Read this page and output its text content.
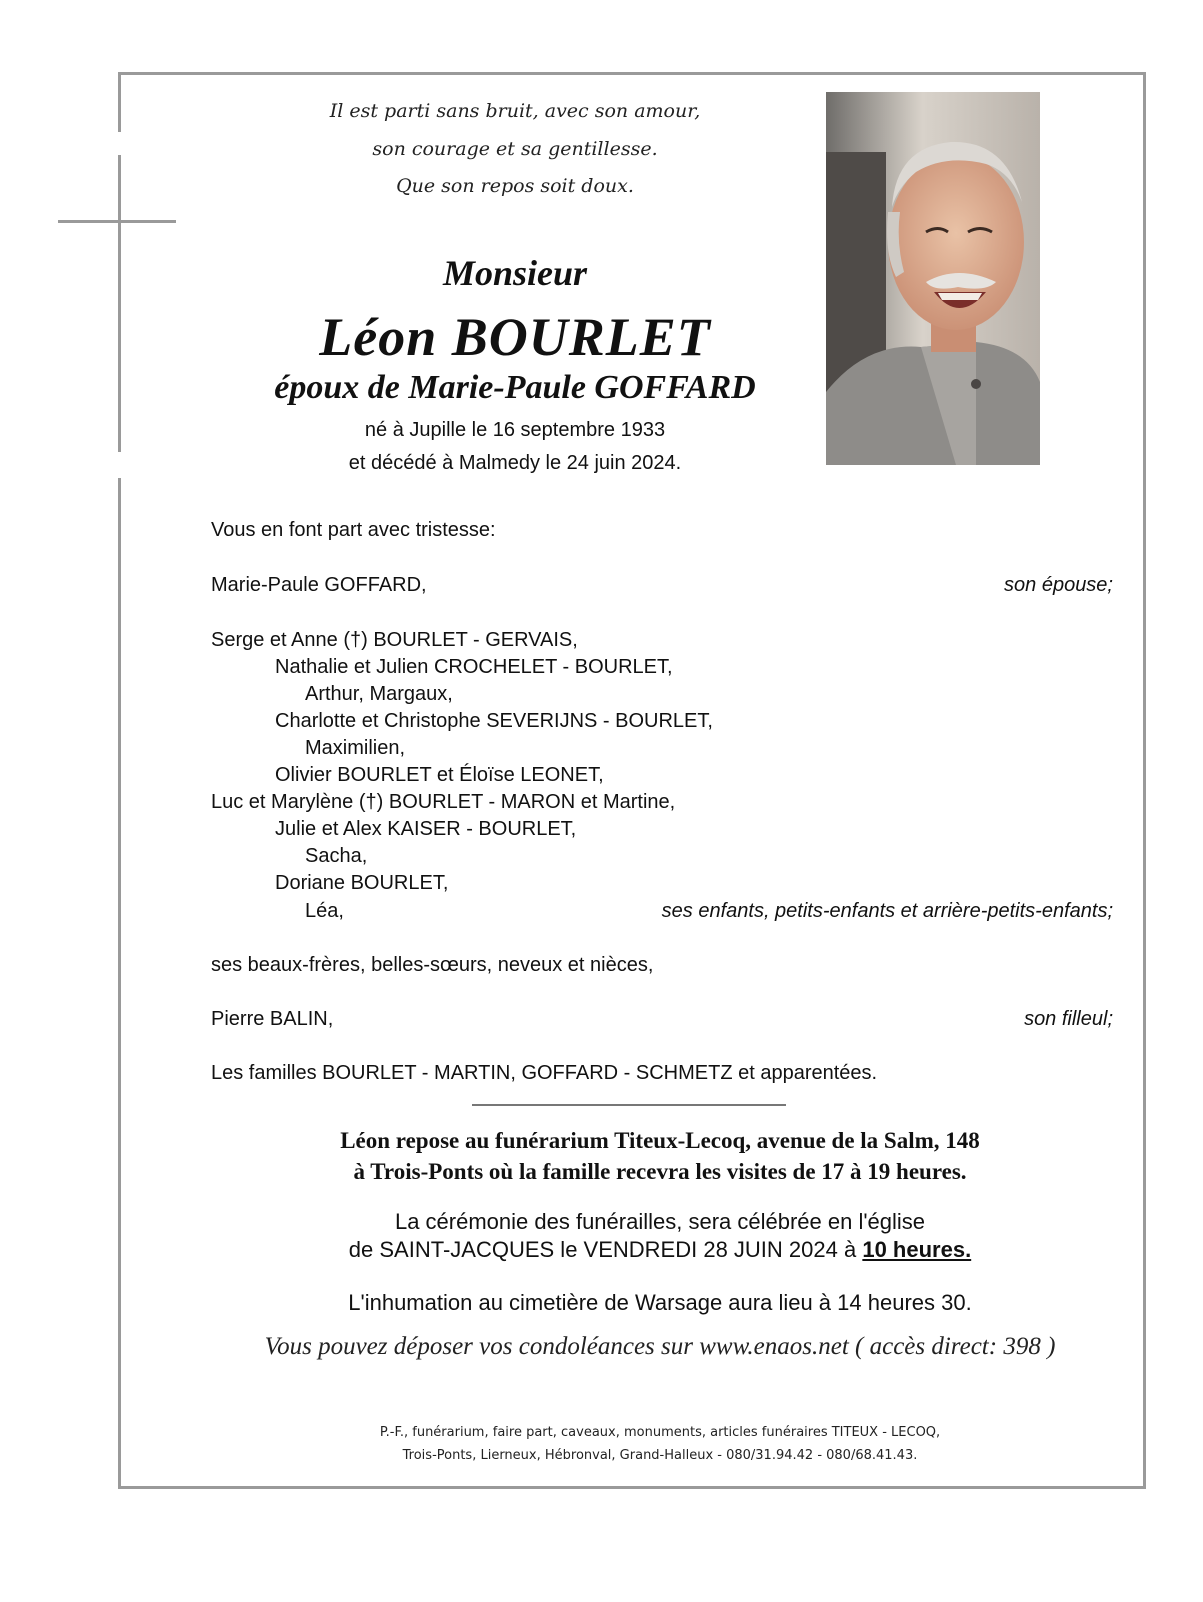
Il est parti sans bruit, avec son amour,
son courage et sa gentillesse.
Que son repos soit doux.
Monsieur
Léon BOURLET
époux de Marie-Paule GOFFARD
né à Jupille le 16 septembre 1933
et décédé à Malmedy le 24 juin 2024.
Vous en font part avec tristesse:
Marie-Paule GOFFARD,	son épouse;
Serge et Anne (†) BOURLET - GERVAIS,
Nathalie et Julien CROCHELET - BOURLET,
Arthur, Margaux,
Charlotte et Christophe SEVERIJNS - BOURLET,
Maximilien,
Olivier BOURLET et Éloïse LEONET,
Luc et Marylène (†) BOURLET - MARON et Martine,
Julie et Alex KAISER - BOURLET,
Sacha,
Doriane BOURLET,
Léa,	ses enfants, petits-enfants et arrière-petits-enfants;
ses beaux-frères, belles-sœurs, neveux et nièces,
Pierre BALIN,	son filleul;
Les familles BOURLET - MARTIN, GOFFARD - SCHMETZ et apparentées.
Léon repose au funérarium Titeux-Lecoq, avenue de la Salm, 148
à Trois-Ponts où la famille recevra les visites de 17 à 19 heures.
La cérémonie des funérailles, sera célébrée en l'église
de SAINT-JACQUES le VENDREDI 28 JUIN 2024 à 10 heures.
L'inhumation au cimetière de Warsage aura lieu à 14 heures 30.
Vous pouvez déposer vos condoléances sur www.enaos.net ( accès direct: 398 )
P.-F., funérarium, faire part, caveaux, monuments, articles funéraires TITEUX - LECOQ,
Trois-Ponts, Lierneux, Hébronval, Grand-Halleux - 080/31.94.42 - 080/68.41.43.
